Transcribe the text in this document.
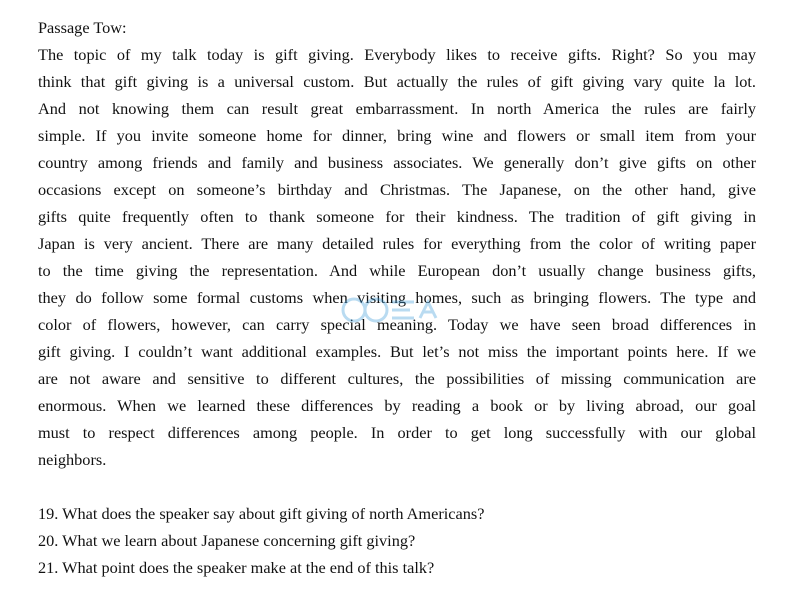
Passage Tow:

The topic of my talk today is gift giving. Everybody likes to receive gifts. Right? So you may
think that gift giving is a universal custom. But actually the rules of gift giving vary quite la lot.
And not knowing them can result great embarrassment. In north America the rules are fairly
simple. If you invite someone home for dinner, bring wine and flowers or small item from your
country among friends and family and business associates. We generally don’t give gifts on other
occasions except on someone’s birthday and Christmas. The Japanese, on the other hand, give
gifts quite frequently often to thank someone for their kindness. The tradition of gift giving in
Japan is very ancient. There are many detailed rules for everything from the color of writing paper
to the time giving the representation. And while European don’t usually change business gifts,
they do follow some formal customs when visiting homes, such as bringing flowers. The type and
color of flowers, however, can carry special meaning. Today we have seen broad differences in
gift giving. I couldn’t want additional examples. But let’s not miss the important points here. If we
are not aware and sensitive to different cultures, the possibilities of missing communication are
enormous. When we learned these differences by reading a book or by living abroad, our goal
must to respect differences among people. In order to get long successfully with our global
neighbors.

19. What does the speaker say about gift giving of north Americans?
20. What we learn about Japanese concerning gift giving?
21. What point does the speaker make at the end of this talk?
